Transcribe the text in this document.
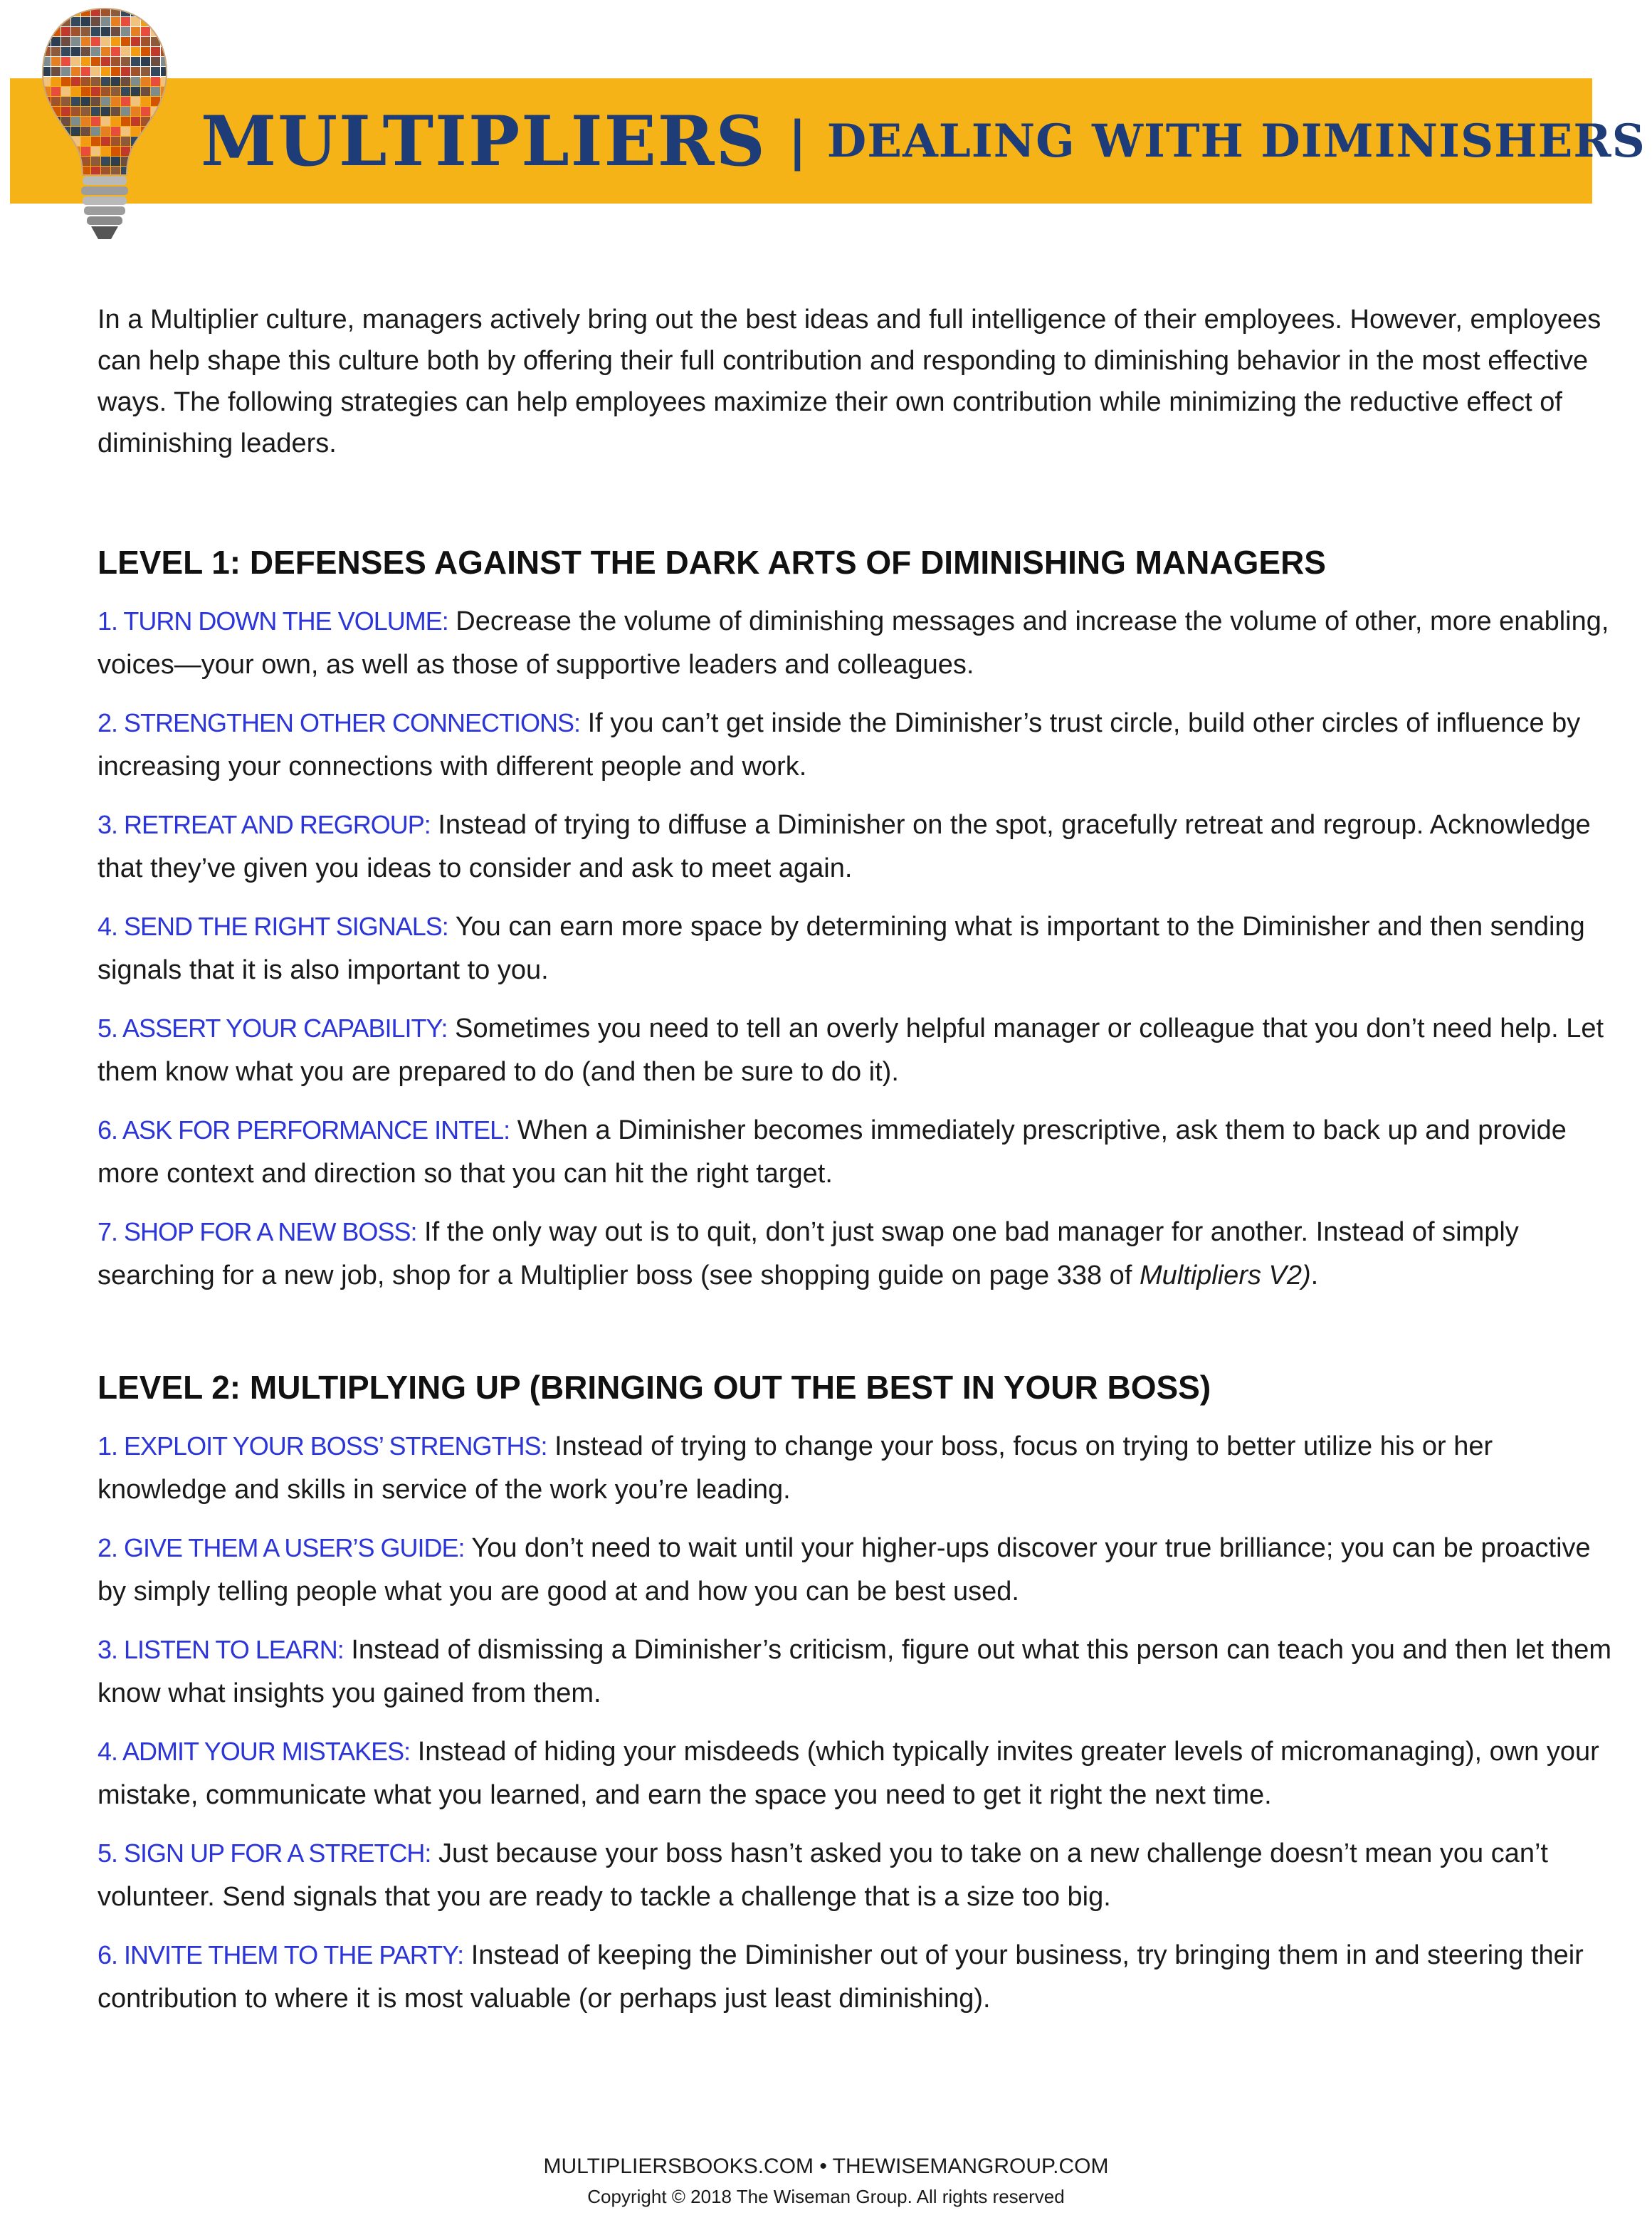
MULTIPLIERS | DEALING WITH DIMINISHERS

In a Multiplier culture, managers actively bring out the best ideas and full intelligence of their employees. However, employees can help shape this culture both by offering their full contribution and responding to diminishing behavior in the most effective ways. The following strategies can help employees maximize their own contribution while minimizing the reductive effect of diminishing leaders.

LEVEL 1: DEFENSES AGAINST THE DARK ARTS OF DIMINISHING MANAGERS

1. TURN DOWN THE VOLUME: Decrease the volume of diminishing messages and increase the volume of other, more enabling, voices—your own, as well as those of supportive leaders and colleagues.

2. STRENGTHEN OTHER CONNECTIONS: If you can’t get inside the Diminisher’s trust circle, build other circles of influence by increasing your connections with different people and work.

3. RETREAT AND REGROUP: Instead of trying to diffuse a Diminisher on the spot, gracefully retreat and regroup. Acknowledge that they’ve given you ideas to consider and ask to meet again.

4. SEND THE RIGHT SIGNALS: You can earn more space by determining what is important to the Diminisher and then sending signals that it is also important to you.

5. ASSERT YOUR CAPABILITY: Sometimes you need to tell an overly helpful manager or colleague that you don’t need help. Let them know what you are prepared to do (and then be sure to do it).

6. ASK FOR PERFORMANCE INTEL: When a Diminisher becomes immediately prescriptive, ask them to back up and provide more context and direction so that you can hit the right target.

7. SHOP FOR A NEW BOSS: If the only way out is to quit, don’t just swap one bad manager for another. Instead of simply searching for a new job, shop for a Multiplier boss (see shopping guide on page 338 of Multipliers V2).

LEVEL 2: MULTIPLYING UP (BRINGING OUT THE BEST IN YOUR BOSS)

1. EXPLOIT YOUR BOSS’ STRENGTHS: Instead of trying to change your boss, focus on trying to better utilize his or her knowledge and skills in service of the work you’re leading.

2. GIVE THEM A USER’S GUIDE: You don’t need to wait until your higher-ups discover your true brilliance; you can be proactive by simply telling people what you are good at and how you can be best used.

3. LISTEN TO LEARN: Instead of dismissing a Diminisher’s criticism, figure out what this person can teach you and then let them know what insights you gained from them.

4. ADMIT YOUR MISTAKES: Instead of hiding your misdeeds (which typically invites greater levels of micromanaging), own your mistake, communicate what you learned, and earn the space you need to get it right the next time.

5. SIGN UP FOR A STRETCH: Just because your boss hasn’t asked you to take on a new challenge doesn’t mean you can’t volunteer. Send signals that you are ready to tackle a challenge that is a size too big.

6. INVITE THEM TO THE PARTY: Instead of keeping the Diminisher out of your business, try bringing them in and steering their contribution to where it is most valuable (or perhaps just least diminishing).

MULTIPLIERSBOOKS.COM • THEWISEMANGROUP.COM
Copyright © 2018 The Wiseman Group. All rights reserved
